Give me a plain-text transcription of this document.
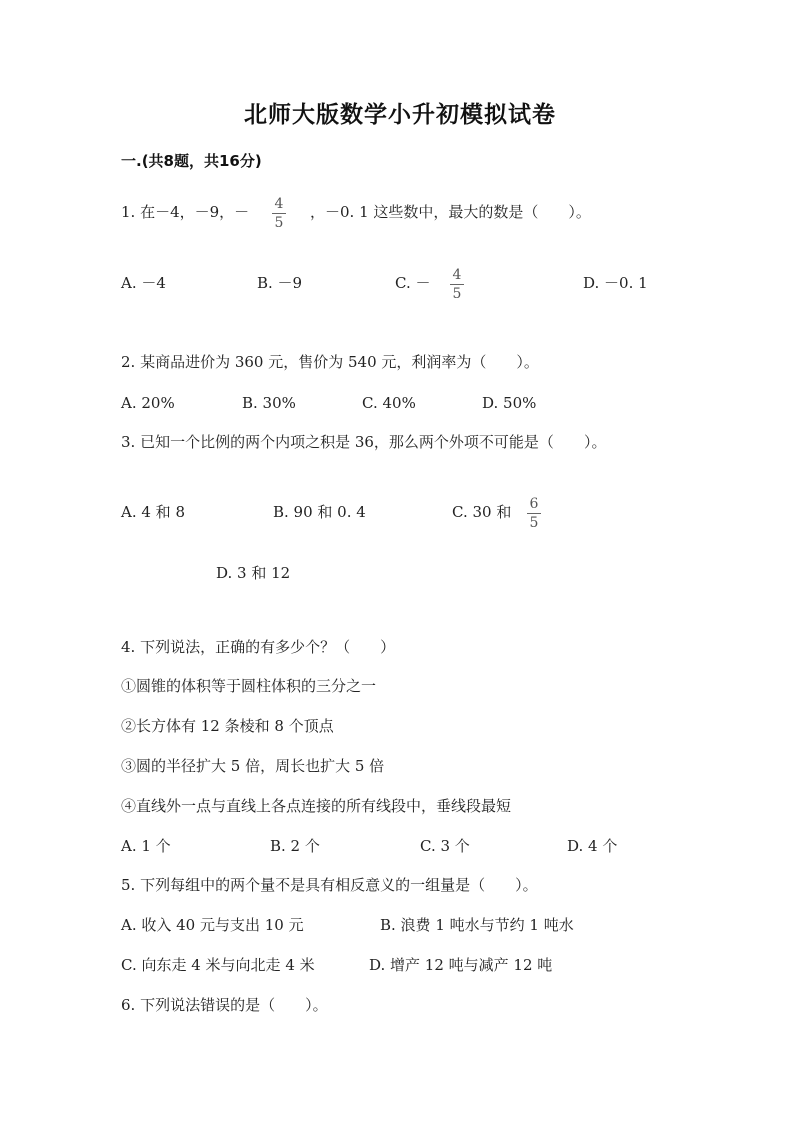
北师大版数学小升初模拟试卷
一.(共8题，共16分)
1. 在－4，－9，－ 4
5
，－0. 1 这些数中，最大的数是（　　）。
A. －4	B. －9	C. － 4
5
D. －0. 1
2. 某商品进价为 360 元，售价为 540 元，利润率为（　　）。
A. 20%	B. 30%	C. 40%	D. 50%
3. 已知一个比例的两个内项之积是 36，那么两个外项不可能是（　　）。
A. 4 和 8	B. 90 和 0. 4	C. 30 和 6
5
D. 3 和 12
4. 下列说法，正确的有多少个？（　　）
①圆锥的体积等于圆柱体积的三分之一
②长方体有 12 条棱和 8 个顶点
③圆的半径扩大 5 倍，周长也扩大 5 倍
④直线外一点与直线上各点连接的所有线段中，垂线段最短
A. 1 个	B. 2 个	C. 3 个	D. 4 个
5. 下列每组中的两个量不是具有相反意义的一组量是（　　）。
A. 收入 40 元与支出 10 元	B. 浪费 1 吨水与节约 1 吨水
C. 向东走 4 米与向北走 4 米	D. 增产 12 吨与减产 12 吨
6. 下列说法错误的是（　　）。
